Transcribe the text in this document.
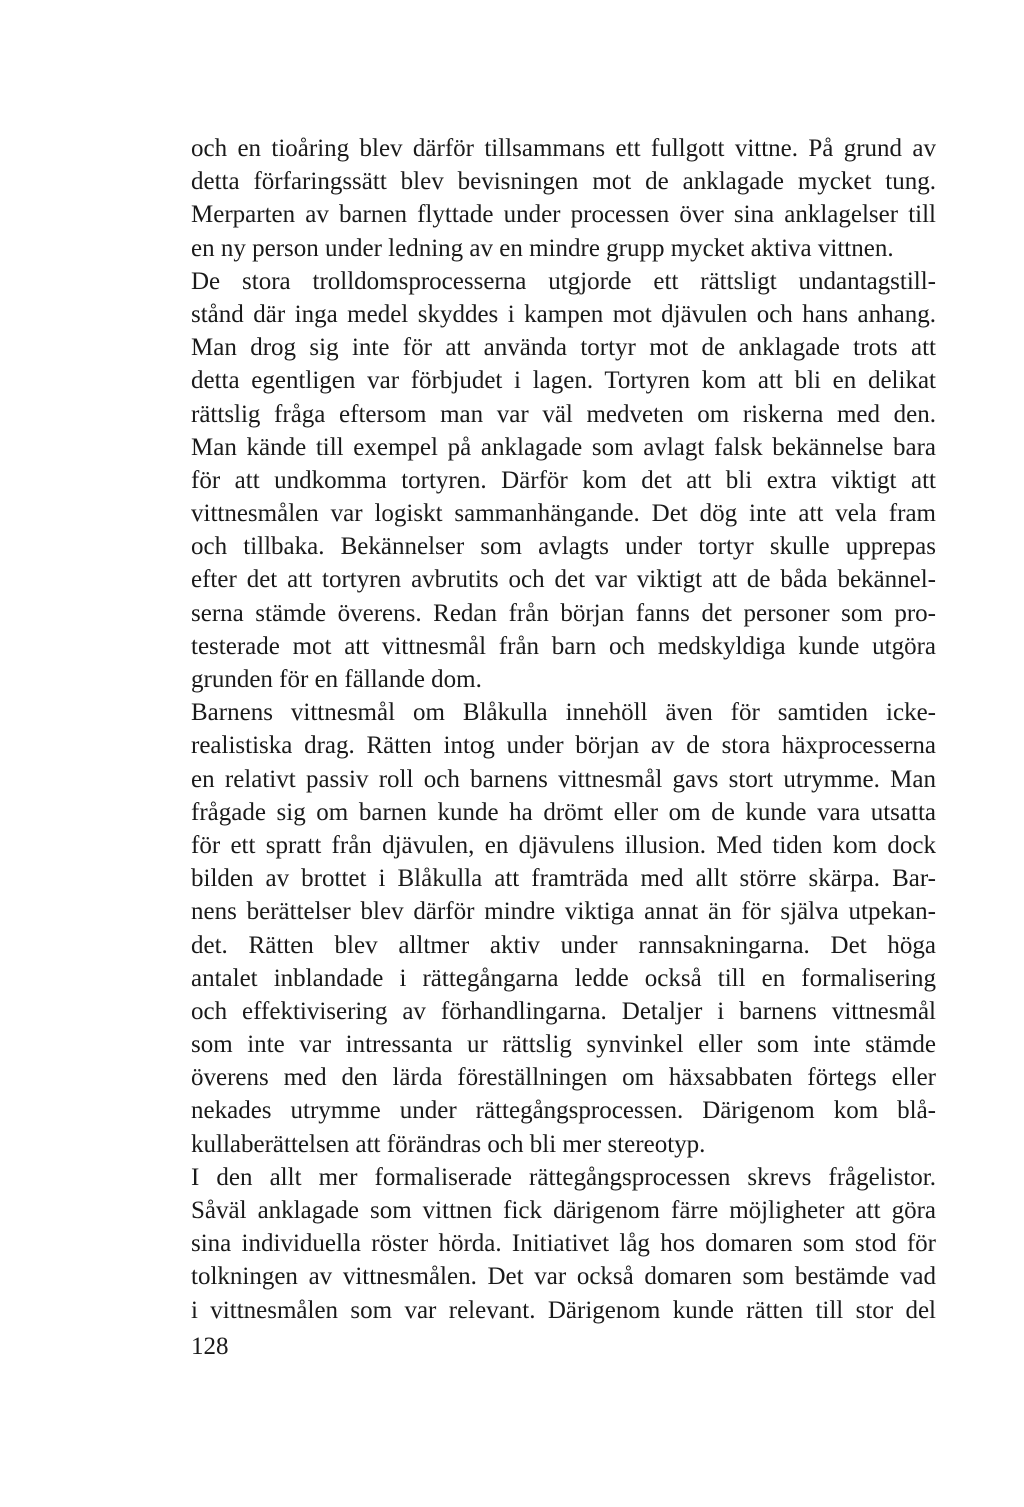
och en tioåring blev därför tillsammans ett fullgott vittne. På grund av
detta förfaringssätt blev bevisningen mot de anklagade mycket tung.
Merparten av barnen flyttade under processen över sina anklagelser till
en ny person under ledning av en mindre grupp mycket aktiva vittnen.
De stora trolldomsprocesserna utgjorde ett rättsligt undantagstill-
stånd där inga medel skyddes i kampen mot djävulen och hans anhang.
Man drog sig inte för att använda tortyr mot de anklagade trots att
detta egentligen var förbjudet i lagen. Tortyren kom att bli en delikat
rättslig fråga eftersom man var väl medveten om riskerna med den.
Man kände till exempel på anklagade som avlagt falsk bekännelse bara
för att undkomma tortyren. Därför kom det att bli extra viktigt att
vittnesmålen var logiskt sammanhängande. Det dög inte att vela fram
och tillbaka. Bekännelser som avlagts under tortyr skulle upprepas
efter det att tortyren avbrutits och det var viktigt att de båda bekännel-
serna stämde överens. Redan från början fanns det personer som pro-
testerade mot att vittnesmål från barn och medskyldiga kunde utgöra
grunden för en fällande dom.
Barnens vittnesmål om Blåkulla innehöll även för samtiden icke-
realistiska drag. Rätten intog under början av de stora häxprocesserna
en relativt passiv roll och barnens vittnesmål gavs stort utrymme. Man
frågade sig om barnen kunde ha drömt eller om de kunde vara utsatta
för ett spratt från djävulen, en djävulens illusion. Med tiden kom dock
bilden av brottet i Blåkulla att framträda med allt större skärpa. Bar-
nens berättelser blev därför mindre viktiga annat än för själva utpekan-
det. Rätten blev alltmer aktiv under rannsakningarna. Det höga
antalet inblandade i rättegångarna ledde också till en formalisering
och effektivisering av förhandlingarna. Detaljer i barnens vittnesmål
som inte var intressanta ur rättslig synvinkel eller som inte stämde
överens med den lärda föreställningen om häxsabbaten förtegs eller
nekades utrymme under rättegångsprocessen. Därigenom kom blå-
kullaberättelsen att förändras och bli mer stereotyp.
I den allt mer formaliserade rättegångsprocessen skrevs frågelistor.
Såväl anklagade som vittnen fick därigenom färre möjligheter att göra
sina individuella röster hörda. Initiativet låg hos domaren som stod för
tolkningen av vittnesmålen. Det var också domaren som bestämde vad
i vittnesmålen som var relevant. Därigenom kunde rätten till stor del
128
